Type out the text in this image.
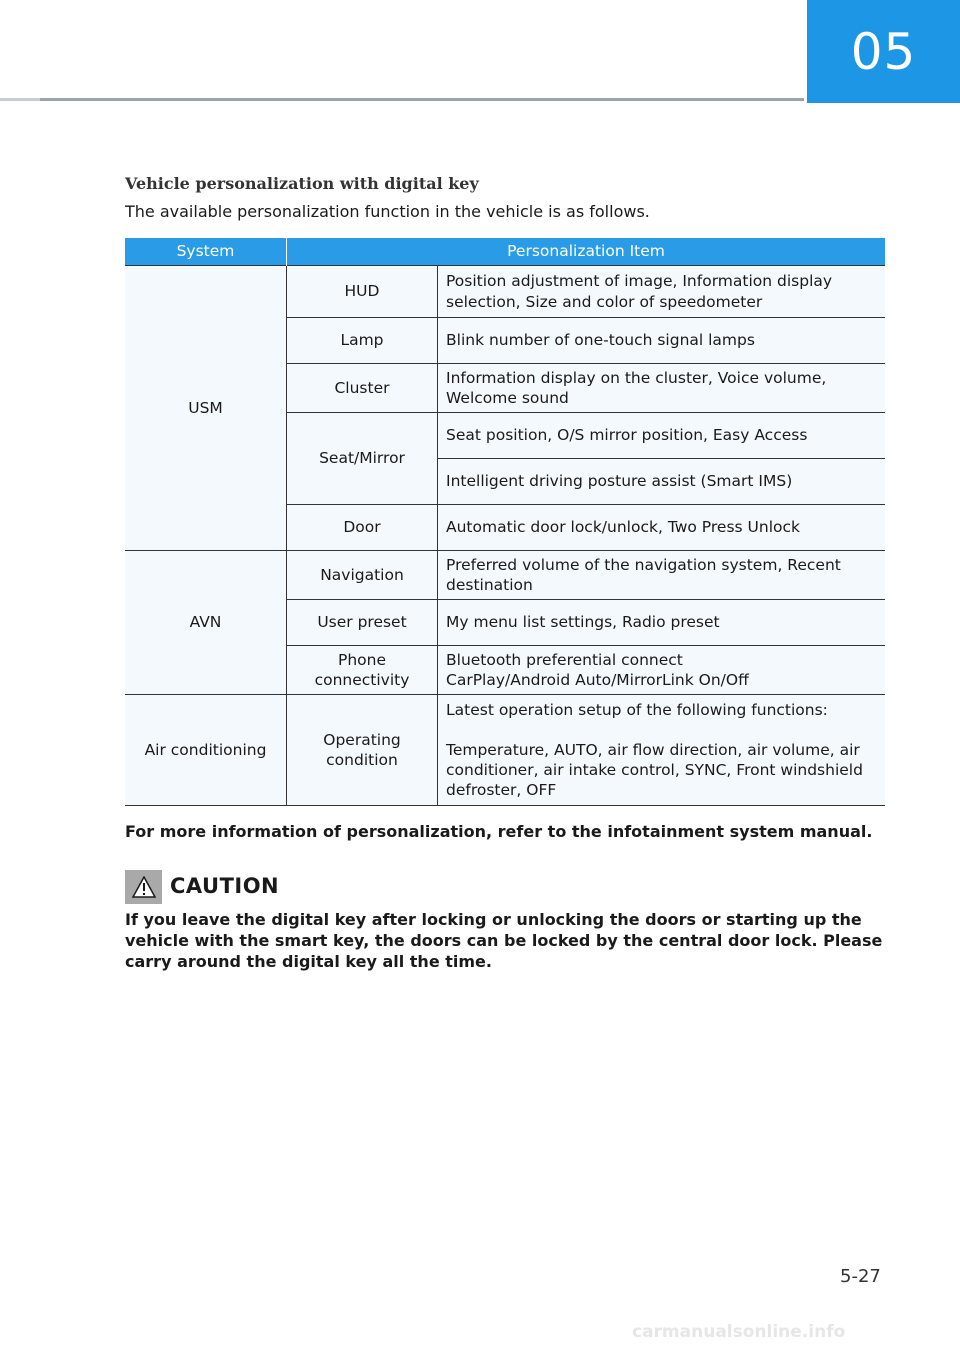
05
Vehicle personalization with digital key
The available personalization function in the vehicle is as follows.
System	Personalization Item	
USM	HUD	Position adjustment of image, Information display selection, Size and color of speedometer
	Lamp	Blink number of one-touch signal lamps
	Cluster	Information display on the cluster, Voice volume, Welcome sound
	Seat/Mirror	Seat position, O/S mirror position, Easy Access
		Intelligent driving posture assist (Smart IMS)
	Door	Automatic door lock/unlock, Two Press Unlock
AVN	Navigation	Preferred volume of the navigation system, Recent destination
	User preset	My menu list settings, Radio preset
	Phone connectivity	Bluetooth preferential connect
CarPlay/Android Auto/MirrorLink On/Off
Air conditioning	Operating condition	Latest operation setup of the following functions:

Temperature, AUTO, air flow direction, air volume, air conditioner, air intake control, SYNC, Front windshield defroster, OFF
For more information of personalization, refer to the infotainment system manual.
CAUTION
If you leave the digital key after locking or unlocking the doors or starting up the vehicle with the smart key, the doors can be locked by the central door lock. Please carry around the digital key all the time.
5-27
carmanualsonline.info
